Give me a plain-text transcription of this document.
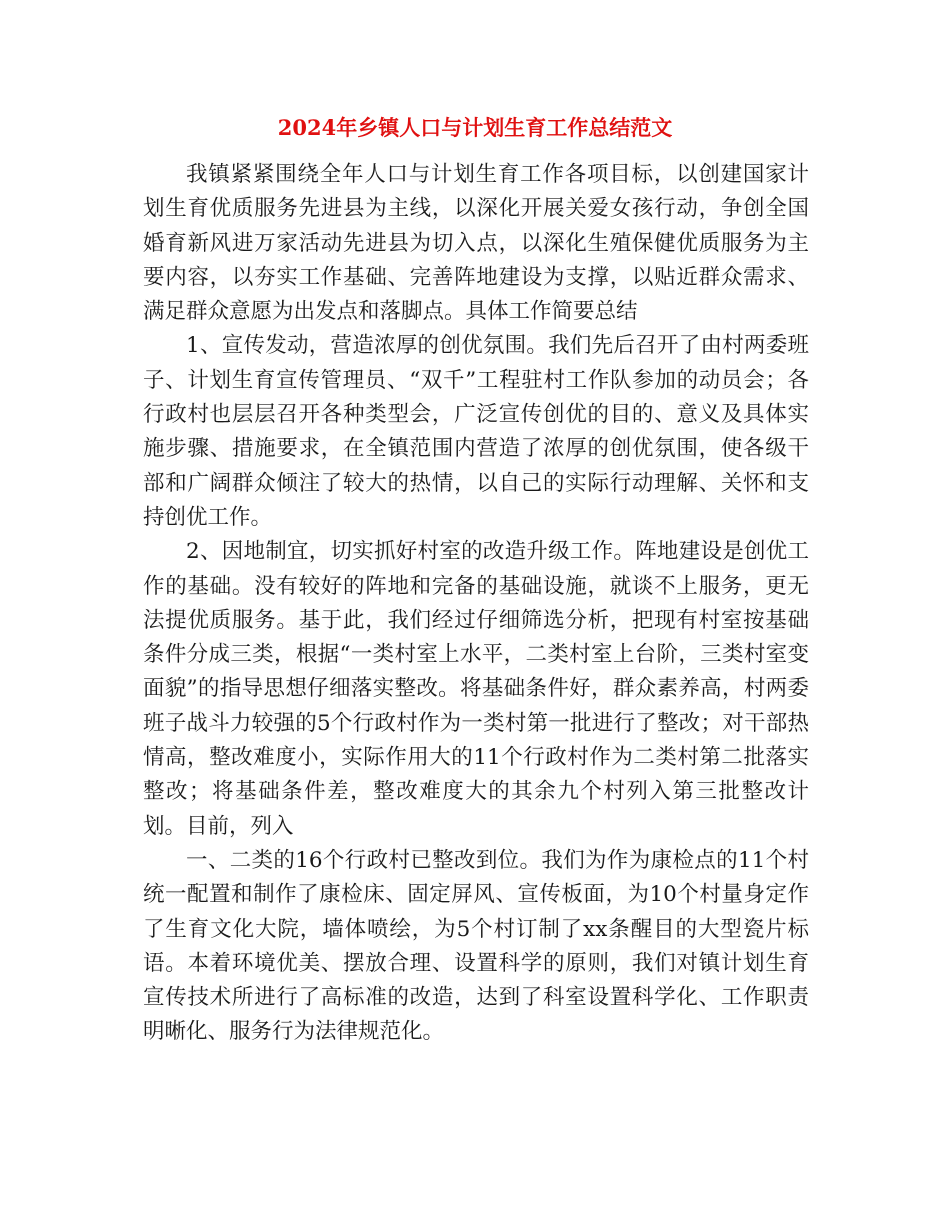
2024年乡镇人口与计划生育工作总结范文

我镇紧紧围绕全年人口与计划生育工作各项目标，以创建国家计划生育优质服务先进县为主线，以深化开展关爱女孩行动，争创全国婚育新风进万家活动先进县为切入点，以深化生殖保健优质服务为主要内容，以夯实工作基础、完善阵地建设为支撑，以贴近群众需求、满足群众意愿为出发点和落脚点。具体工作简要总结

1、宣传发动，营造浓厚的创优氛围。我们先后召开了由村两委班子、计划生育宣传管理员、“双千”工程驻村工作队参加的动员会；各行政村也层层召开各种类型会，广泛宣传创优的目的、意义及具体实施步骤、措施要求，在全镇范围内营造了浓厚的创优氛围，使各级干部和广阔群众倾注了较大的热情，以自己的实际行动理解、关怀和支持创优工作。

2、因地制宜，切实抓好村室的改造升级工作。阵地建设是创优工作的基础。没有较好的阵地和完备的基础设施，就谈不上服务，更无法提优质服务。基于此，我们经过仔细筛选分析，把现有村室按基础条件分成三类，根据“一类村室上水平，二类村室上台阶，三类村室变面貌”的指导思想仔细落实整改。将基础条件好，群众素养高，村两委班子战斗力较强的5个行政村作为一类村第一批进行了整改；对干部热情高，整改难度小，实际作用大的11个行政村作为二类村第二批落实整改；将基础条件差，整改难度大的其余九个村列入第三批整改计划。目前，列入

一、二类的16个行政村已整改到位。我们为作为康检点的11个村统一配置和制作了康检床、固定屏风、宣传板面，为10个村量身定作了生育文化大院，墙体喷绘，为5个村订制了xx条醒目的大型瓷片标语。本着环境优美、摆放合理、设置科学的原则，我们对镇计划生育宣传技术所进行了高标准的改造，达到了科室设置科学化、工作职责明晰化、服务行为法律规范化。
